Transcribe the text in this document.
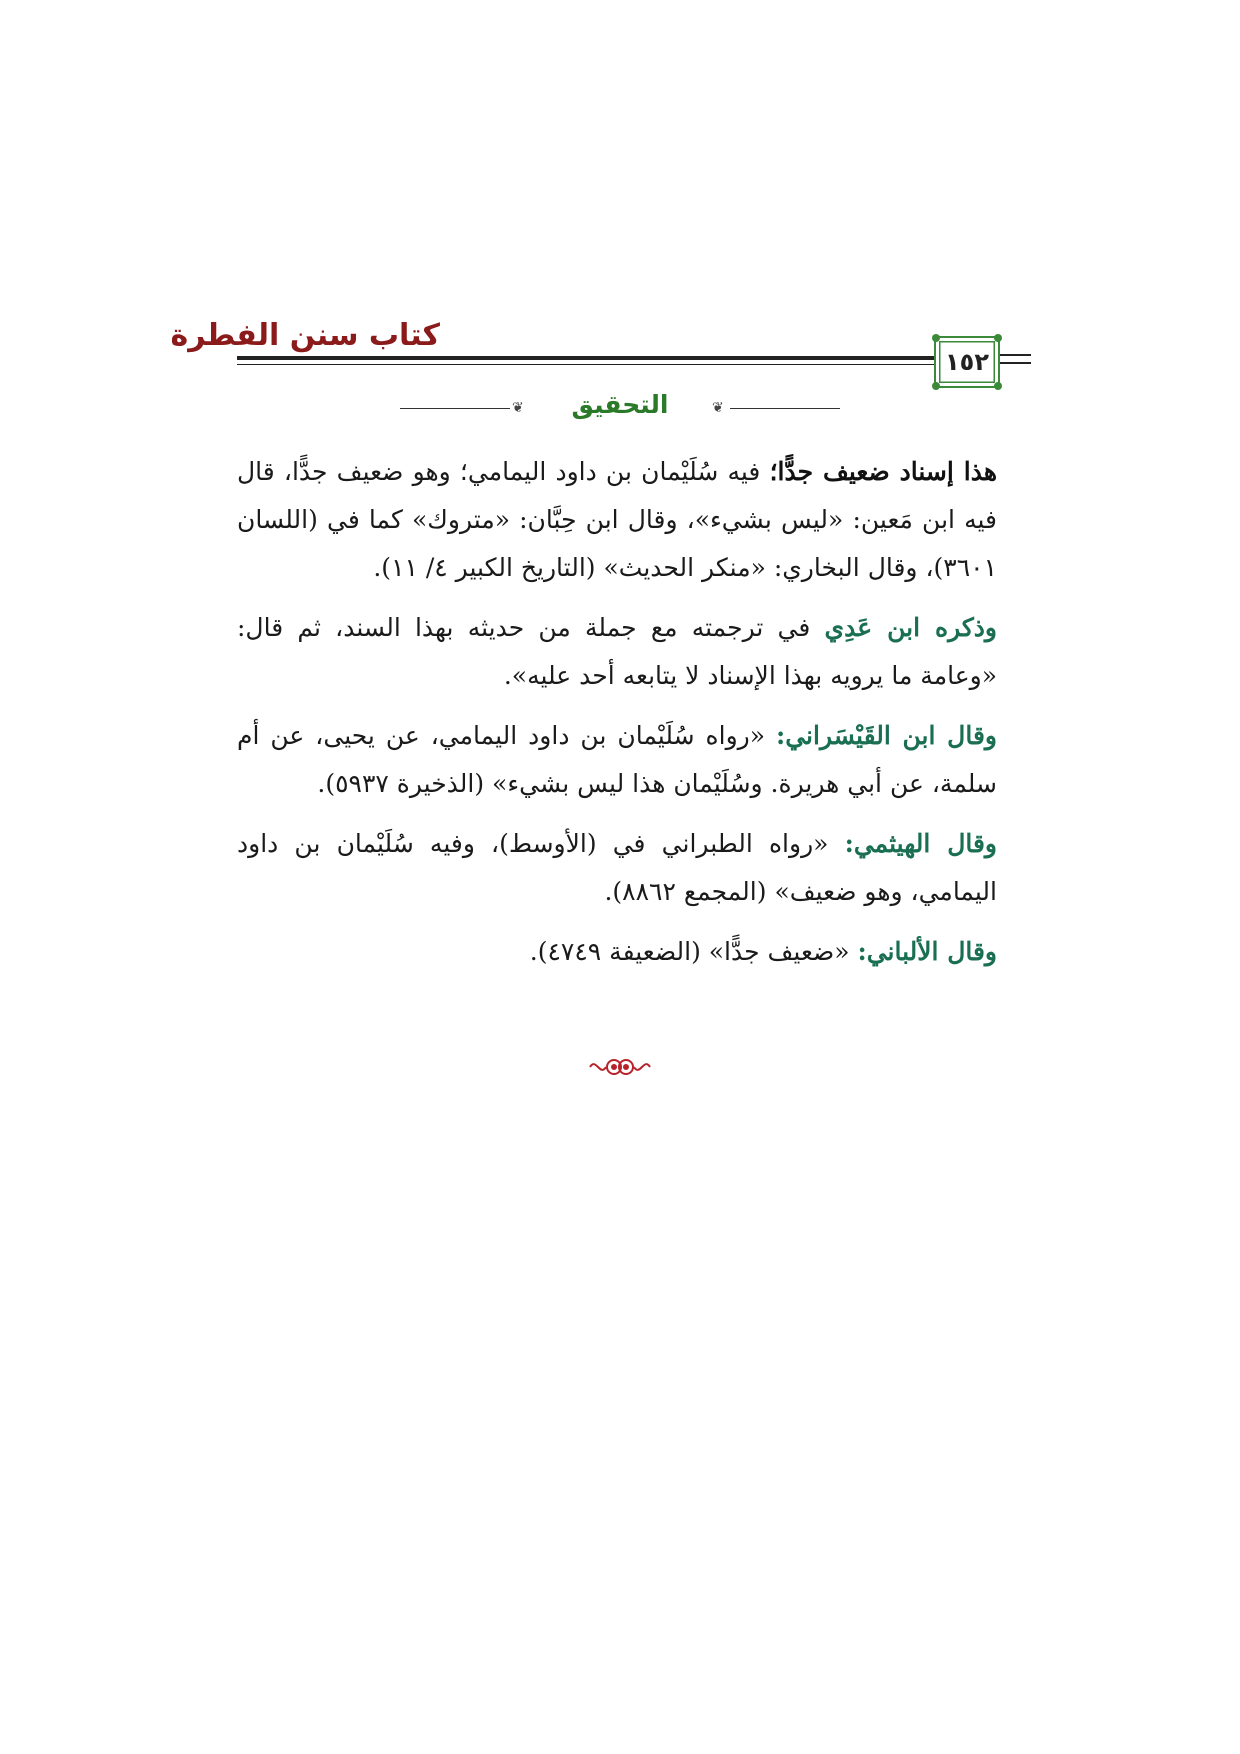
كتاب سنن الفطرة
١٥٢
❦	❦
التحقيق

هذا إسناد ضعيف جدًّا؛ فيه سُلَيْمان بن داود اليمامي؛ وهو ضعيف جدًّا، قال فيه ابن مَعين: «ليس بشيء»، وقال ابن حِبَّان: «متروك» كما في (اللسان ٣٦٠١)، وقال البخاري: «منكر الحديث» (التاريخ الكبير ٤/ ١١).

وذكره ابن عَدِي في ترجمته مع جملة من حديثه بهذا السند، ثم قال: «وعامة ما يرويه بهذا الإسناد لا يتابعه أحد عليه».

وقال ابن القَيْسَراني: «رواه سُلَيْمان بن داود اليمامي، عن يحيى، عن أم سلمة، عن أبي هريرة. وسُلَيْمان هذا ليس بشيء» (الذخيرة ٥٩٣٧).

وقال الهيثمي: «رواه الطبراني في (الأوسط)، وفيه سُلَيْمان بن داود اليمامي، وهو ضعيف» (المجمع ٨٨٦٢).

وقال الألباني: «ضعيف جدًّا» (الضعيفة ٤٧٤٩).
